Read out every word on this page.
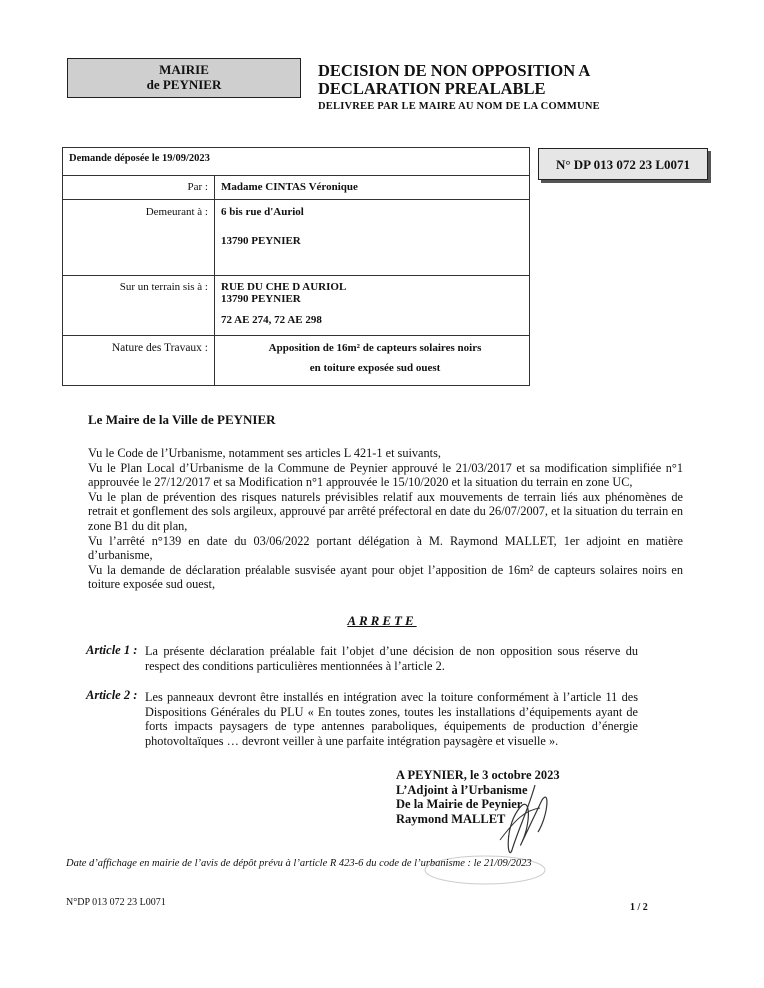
MAIRIE
de PEYNIER
DECISION DE NON OPPOSITION A
DECLARATION PREALABLE
DELIVREE PAR LE MAIRE AU NOM DE LA COMMUNE
N° DP 013 072 23 L0071
Demande déposée le 19/09/2023	
Par :	Madame CINTAS Véronique
Demeurant à :	6 bis rue d'Auriol
13790 PEYNIER

Sur un terrain sis à :	RUE DU CHE D AURIOL
13790 PEYNIER
72 AE 274, 72 AE 298

Nature des Travaux :	Apposition de 16m² de capteurs solaires noirs
en toiture exposée sud ouest
Le Maire de la Ville de PEYNIER

Vu le Code de l’Urbanisme, notamment ses articles L 421-1 et suivants,

Vu le Plan Local d’Urbanisme de la Commune de Peynier approuvé le 21/03/2017 et sa modification simplifiée n°1 approuvée le 27/12/2017 et sa Modification n°1 approuvée le 15/10/2020 et la situation du terrain en zone UC,

Vu le plan de prévention des risques naturels prévisibles relatif aux mouvements de terrain liés aux phénomènes de retrait et gonflement des sols argileux, approuvé par arrêté préfectoral en date du 26/07/2007, et la situation du terrain en zone B1 du dit plan,

Vu l’arrêté n°139 en date du 03/06/2022 portant délégation à M. Raymond MALLET, 1er adjoint en matière d’urbanisme,

Vu la demande de déclaration préalable susvisée ayant pour objet l’apposition de 16m² de capteurs solaires noirs en toiture exposée sud ouest,

ARRETE
Article 1 : La présente déclaration préalable fait l’objet d’une décision de non opposition sous réserve du respect des conditions particulières mentionnées à l’article 2.
Article 2 : Les panneaux devront être installés en intégration avec la toiture conformément à l’article 11 des Dispositions Générales du PLU « En toutes zones, toutes les installations d’équipements ayant de forts impacts paysagers de type antennes paraboliques, équipements de production d’énergie photovoltaïques … devront veiller à une parfaite intégration paysagère et visuelle ».
A PEYNIER, le 3 octobre 2023
L’Adjoint à l’Urbanisme
De la Mairie de Peynier
Raymond MALLET
Date d’affichage en mairie de l’avis de dépôt prévu à l’article R 423-6 du code de l’urbanisme : le 21/09/2023
N°DP 013 072 23 L0071	1 / 2
